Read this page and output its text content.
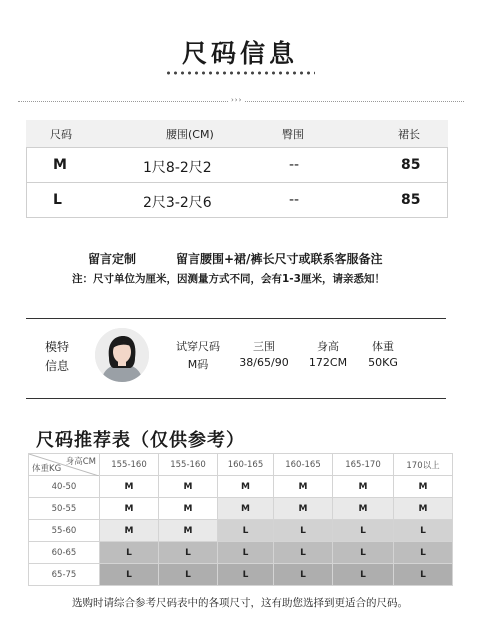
尺码信息
›››
尺码	腰围(CM)	臀围	裙长
M	1尺8-2尺2	--	85
L	2尺3-2尺6	--	85
留言定制	留言腰围+裙/裤长尺寸或联系客服备注
注：尺寸单位为厘米，因测量方式不同，会有1-3厘米，请亲悉知！
模特
信息
试穿尺码
M码
三围
38/65/90
身高
172CM
体重
50KG
尺码推荐表（仅供参考）
身高CM
体重KG	155-160	155-160	160-165	160-165	165-170	170以上
40-50	M	M	M	M	M	M
50-55	M	M	M	M	M	M
55-60	M	M	L	L	L	L
60-65	L	L	L	L	L	L
65-75	L	L	L	L	L	L
选购时请综合参考尺码表中的各项尺寸，这有助您选择到更适合的尺码。
